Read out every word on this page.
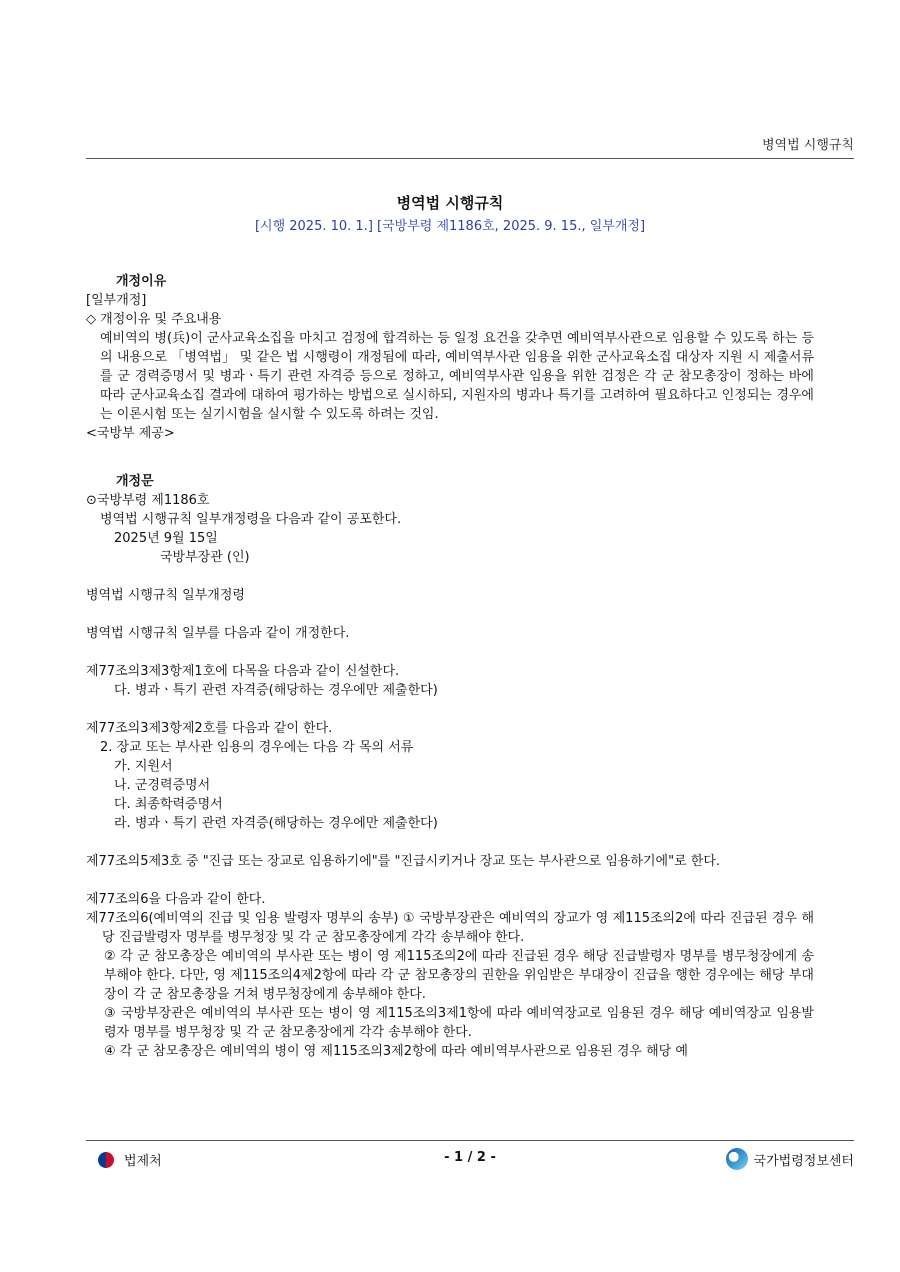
병역법 시행규칙
병역법 시행규칙
[시행 2025. 10. 1.] [국방부령 제1186호, 2025. 9. 15., 일부개정]

개정이유

[일부개정]

◇ 개정이유 및 주요내용

예비역의 병(兵)이 군사교육소집을 마치고 검정에 합격하는 등 일정 요건을 갖추면 예비역부사관으로 임용할 수 있도록 하는 등의 내용으로 「병역법」 및 같은 법 시행령이 개정됨에 따라, 예비역부사관 임용을 위한 군사교육소집 대상자 지원 시 제출서류를 군 경력증명서 및 병과ㆍ특기 관련 자격증 등으로 정하고, 예비역부사관 임용을 위한 검정은 각 군 참모총장이 정하는 바에 따라 군사교육소집 결과에 대하여 평가하는 방법으로 실시하되, 지원자의 병과나 특기를 고려하여 필요하다고 인정되는 경우에는 이론시험 또는 실기시험을 실시할 수 있도록 하려는 것임.

<국방부 제공>

개정문

⊙국방부령 제1186호

병역법 시행규칙 일부개정령을 다음과 같이 공포한다.

2025년 9월 15일

국방부장관 (인)

병역법 시행규칙 일부개정령

병역법 시행규칙 일부를 다음과 같이 개정한다.

제77조의3제3항제1호에 다목을 다음과 같이 신설한다.

다. 병과ㆍ특기 관련 자격증(해당하는 경우에만 제출한다)

제77조의3제3항제2호를 다음과 같이 한다.

2. 장교 또는 부사관 임용의 경우에는 다음 각 목의 서류

가. 지원서

나. 군경력증명서

다. 최종학력증명서

라. 병과ㆍ특기 관련 자격증(해당하는 경우에만 제출한다)

제77조의5제3호 중 "진급 또는 장교로 임용하기에"를 "진급시키거나 장교 또는 부사관으로 임용하기에"로 한다.

제77조의6을 다음과 같이 한다.

제77조의6(예비역의 진급 및 임용 발령자 명부의 송부) ① 국방부장관은 예비역의 장교가 영 제115조의2에 따라 진급된 경우 해당 진급발령자 명부를 병무청장 및 각 군 참모총장에게 각각 송부해야 한다.

② 각 군 참모총장은 예비역의 부사관 또는 병이 영 제115조의2에 따라 진급된 경우 해당 진급발령자 명부를 병무청장에게 송부해야 한다. 다만, 영 제115조의4제2항에 따라 각 군 참모총장의 권한을 위임받은 부대장이 진급을 행한 경우에는 해당 부대장이 각 군 참모총장을 거쳐 병무청장에게 송부해야 한다.

③ 국방부장관은 예비역의 부사관 또는 병이 영 제115조의3제1항에 따라 예비역장교로 임용된 경우 해당 예비역장교 임용발령자 명부를 병무청장 및 각 군 참모총장에게 각각 송부해야 한다.

④ 각 군 참모총장은 예비역의 병이 영 제115조의3제2항에 따라 예비역부사관으로 임용된 경우 해당 예

법제처	- 1 / 2 -	국가법령정보센터
